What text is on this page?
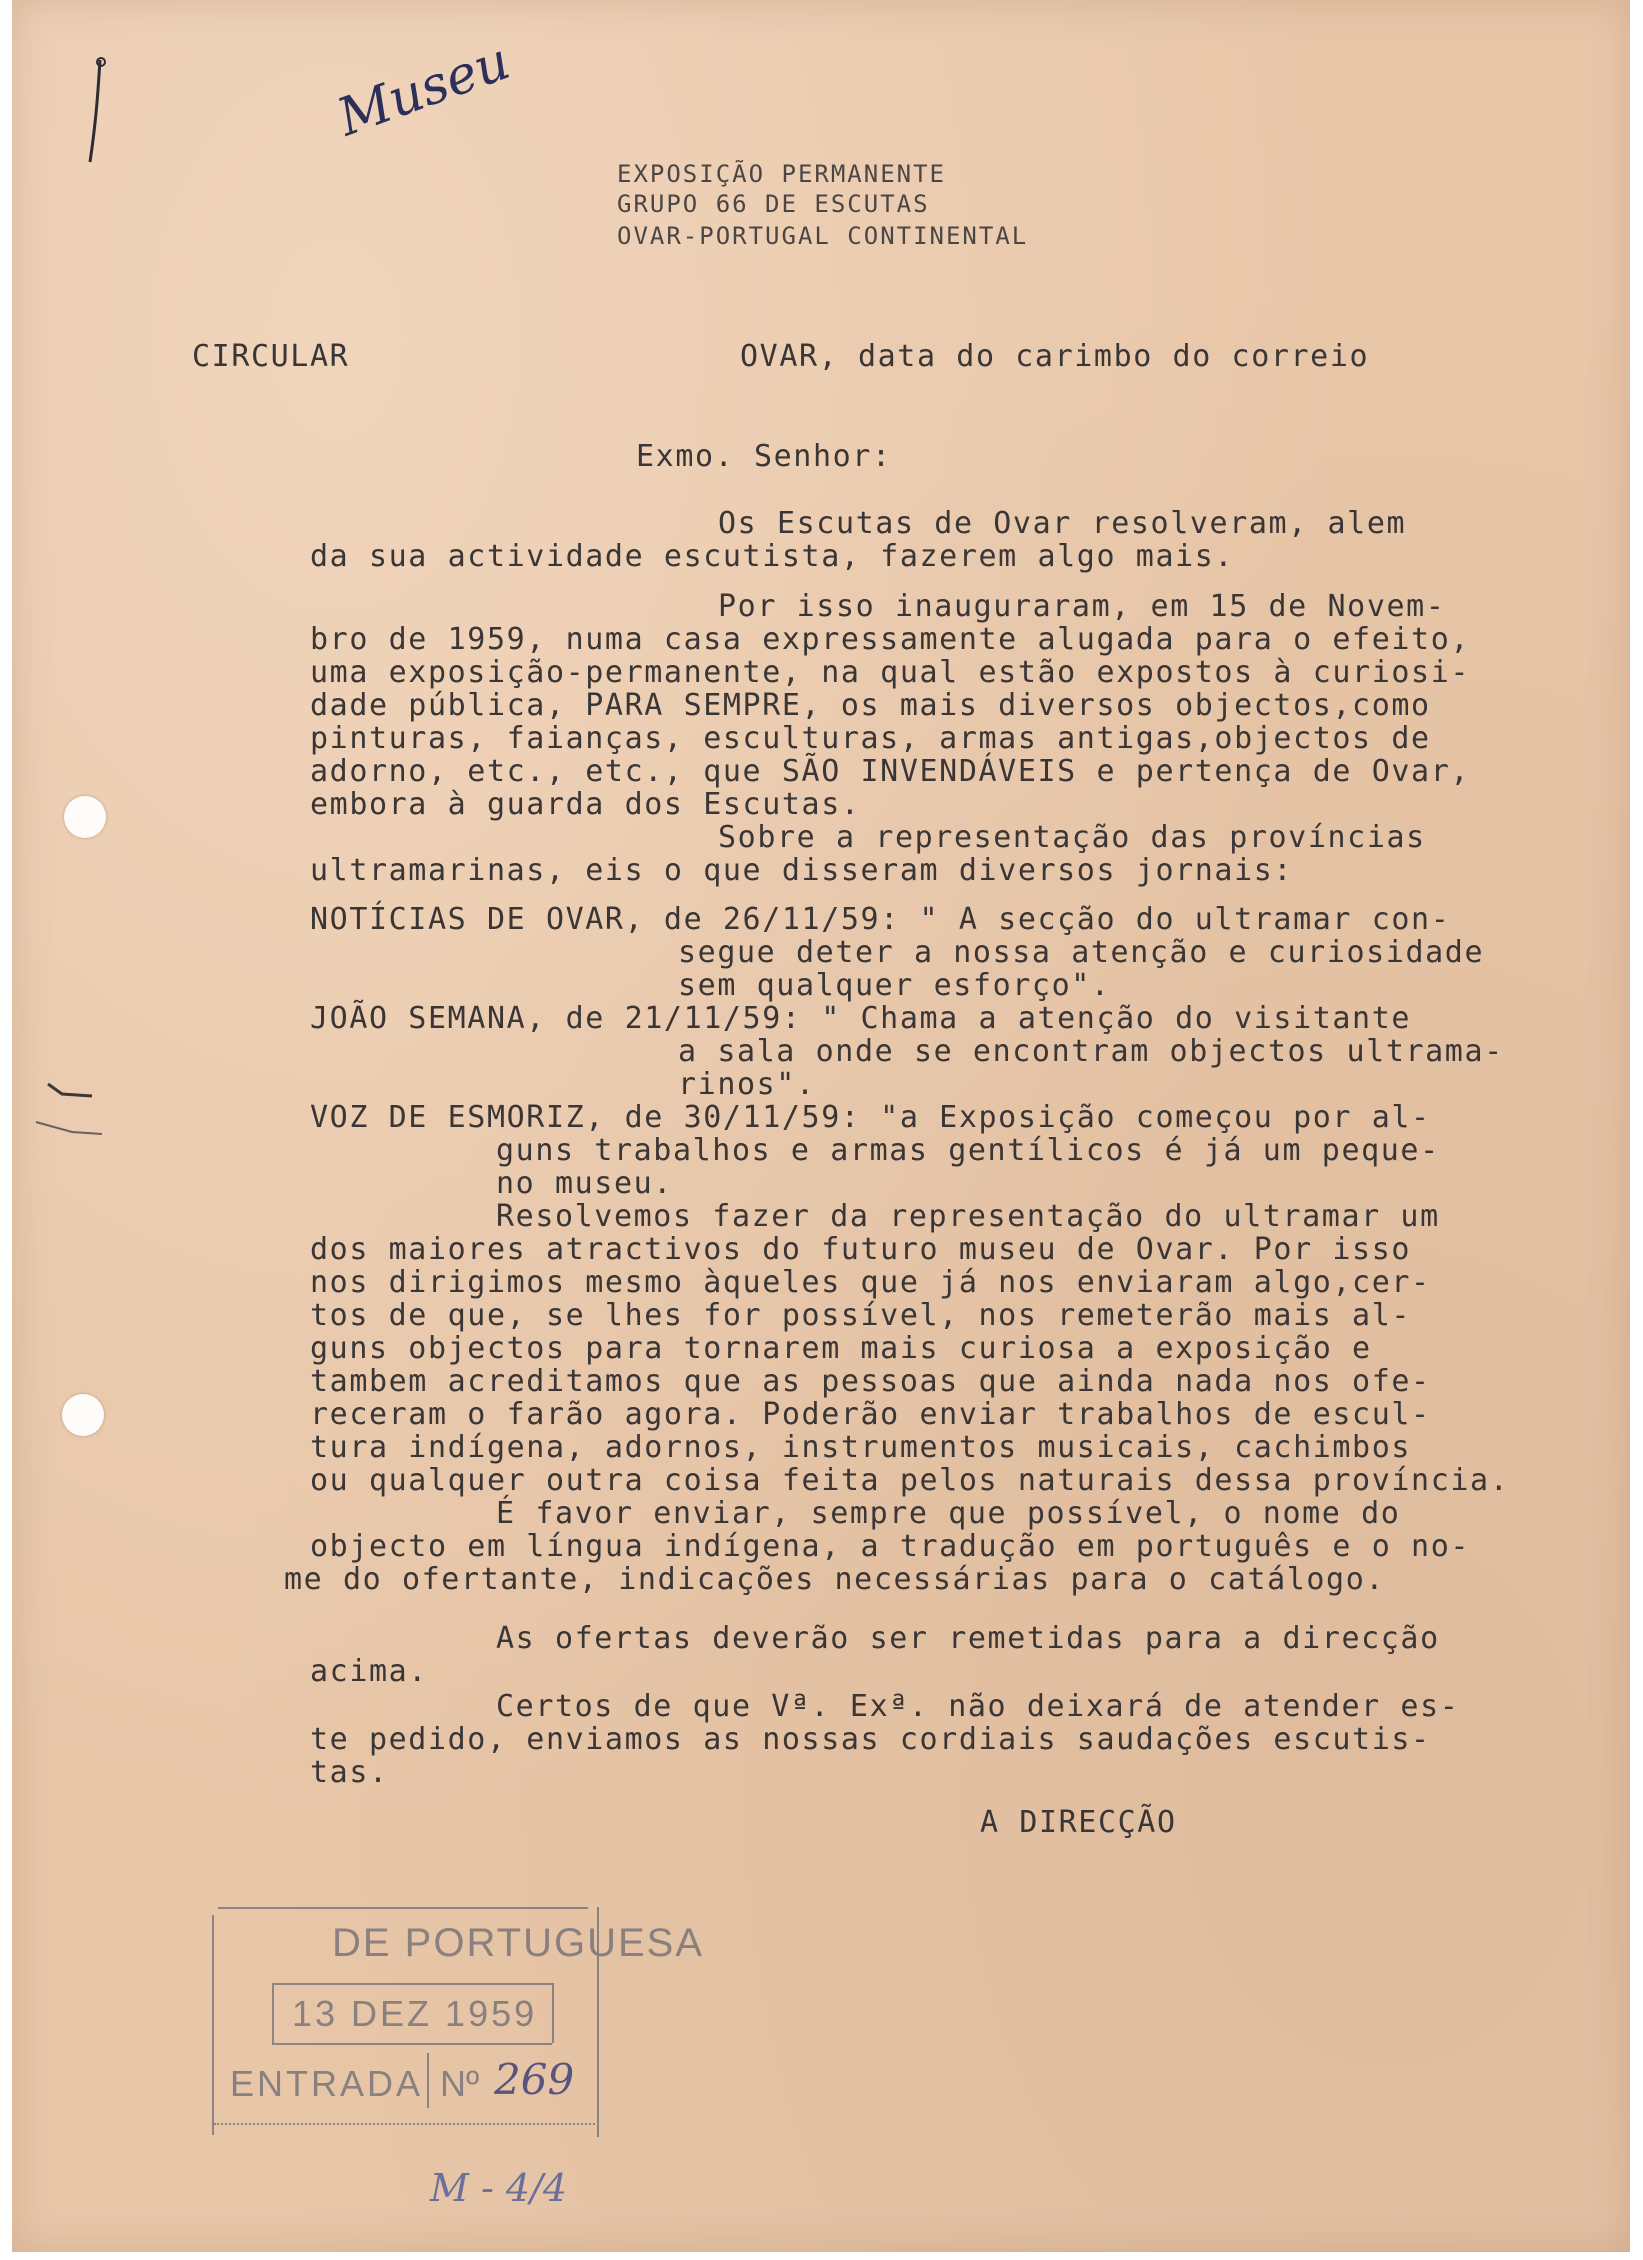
Museu
EXPOSIÇÃO PERMANENTE
GRUPO 66 DE ESCUTAS
OVAR-PORTUGAL CONTINENTAL
CIRCULAR	OVAR, data do carimbo do correio
Exmo. Senhor:
Os Escutas de Ovar resolveram, alem
da sua actividade escutista, fazerem algo mais.
Por isso inauguraram, em 15 de Novem-
bro de 1959, numa casa expressamente alugada para o efeito,
uma exposição-permanente, na qual estão expostos à curiosi-
dade pública, PARA SEMPRE, os mais diversos objectos,como
pinturas, faianças, esculturas, armas antigas,objectos de
adorno, etc., etc., que SÃO INVENDÁVEIS e pertença de Ovar,
embora à guarda dos Escutas.
Sobre a representação das províncias
ultramarinas, eis o que disseram diversos jornais:
NOTÍCIAS DE OVAR, de 26/11/59: " A secção do ultramar con-
segue deter a nossa atenção e curiosidade
sem qualquer esforço".
JOÃO SEMANA, de 21/11/59: " Chama a atenção do visitante
a sala onde se encontram objectos ultrama-
rinos".
VOZ DE ESMORIZ, de 30/11/59: "a Exposição começou por al-
guns trabalhos e armas gentílicos é já um peque-
no museu.
Resolvemos fazer da representação do ultramar um
dos maiores atractivos do futuro museu de Ovar. Por isso
nos dirigimos mesmo àqueles que já nos enviaram algo,cer-
tos de que, se lhes for possível, nos remeterão mais al-
guns objectos para tornarem mais curiosa a exposição e
tambem acreditamos que as pessoas que ainda nada nos ofe-
receram o farão agora. Poderão enviar trabalhos de escul-
tura indígena, adornos, instrumentos musicais, cachimbos
ou qualquer outra coisa feita pelos naturais dessa província.
É favor enviar, sempre que possível, o nome do
objecto em língua indígena, a tradução em português e o no-
me do ofertante, indicações necessárias para o catálogo.
As ofertas deverão ser remetidas para a direcção
acima.
Certos de que Vª. Exª. não deixará de atender es-
te pedido, enviamos as nossas cordiais saudações escutis-
tas.
A DIRECÇÃO
DE PORTUGUESA
13 DEZ 1959
ENTRADA Nº 269
M - 4/4
